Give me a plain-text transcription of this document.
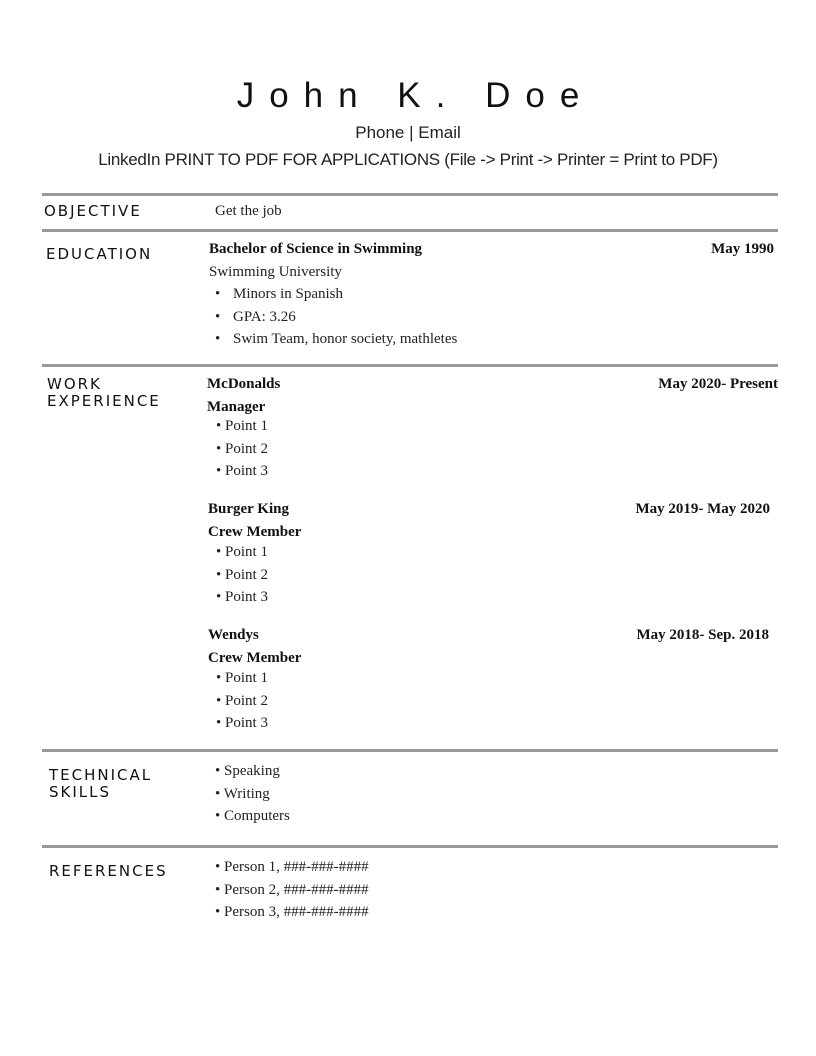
John K. Doe
Phone | Email
LinkedIn PRINT TO PDF FOR APPLICATIONS (File -> Print -> Printer = Print to PDF)
OBJECTIVE	Get the job
EDUCATION	Bachelor of Science in Swimming	May 1990
Swimming University
• Minors in Spanish
• GPA: 3.26
• Swim Team, honor society, mathletes
WORK
EXPERIENCE
McDonalds	May 2020- Present
Manager
• Point 1
• Point 2
• Point 3
Burger King	May 2019- May 2020
Crew Member
• Point 1
• Point 2
• Point 3
Wendys	May 2018- Sep. 2018
Crew Member
• Point 1
• Point 2
• Point 3
TECHNICAL
SKILLS
• Speaking
• Writing
• Computers
REFERENCES	• Person 1, ###-###-####
• Person 2, ###-###-####
• Person 3, ###-###-####
